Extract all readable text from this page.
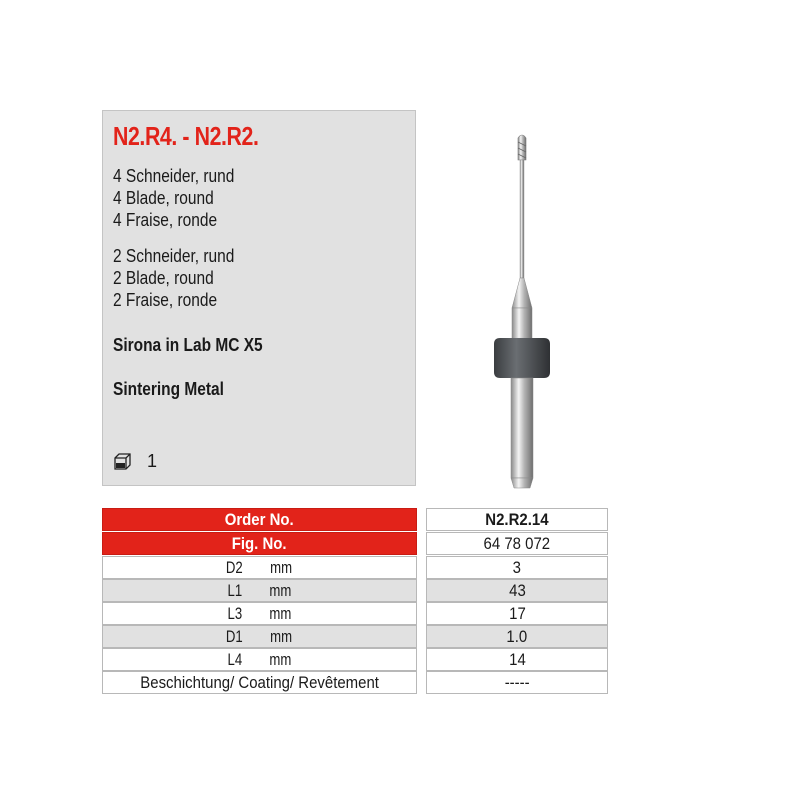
N2.R4. - N2.R2.
4 Schneider, rund
4 Blade, round
4 Fraise, ronde
2 Schneider, rund
2 Blade, round
2 Fraise, ronde
Sirona in Lab MC X5
Sintering Metal
1
Order No.	N2.R2.14
Fig. No.	64 78 072
D2 mm	3
L1 mm	43
L3 mm	17
D1 mm	1.0
L4 mm	14
Beschichtung/ Coating/ Revêtement	-----
